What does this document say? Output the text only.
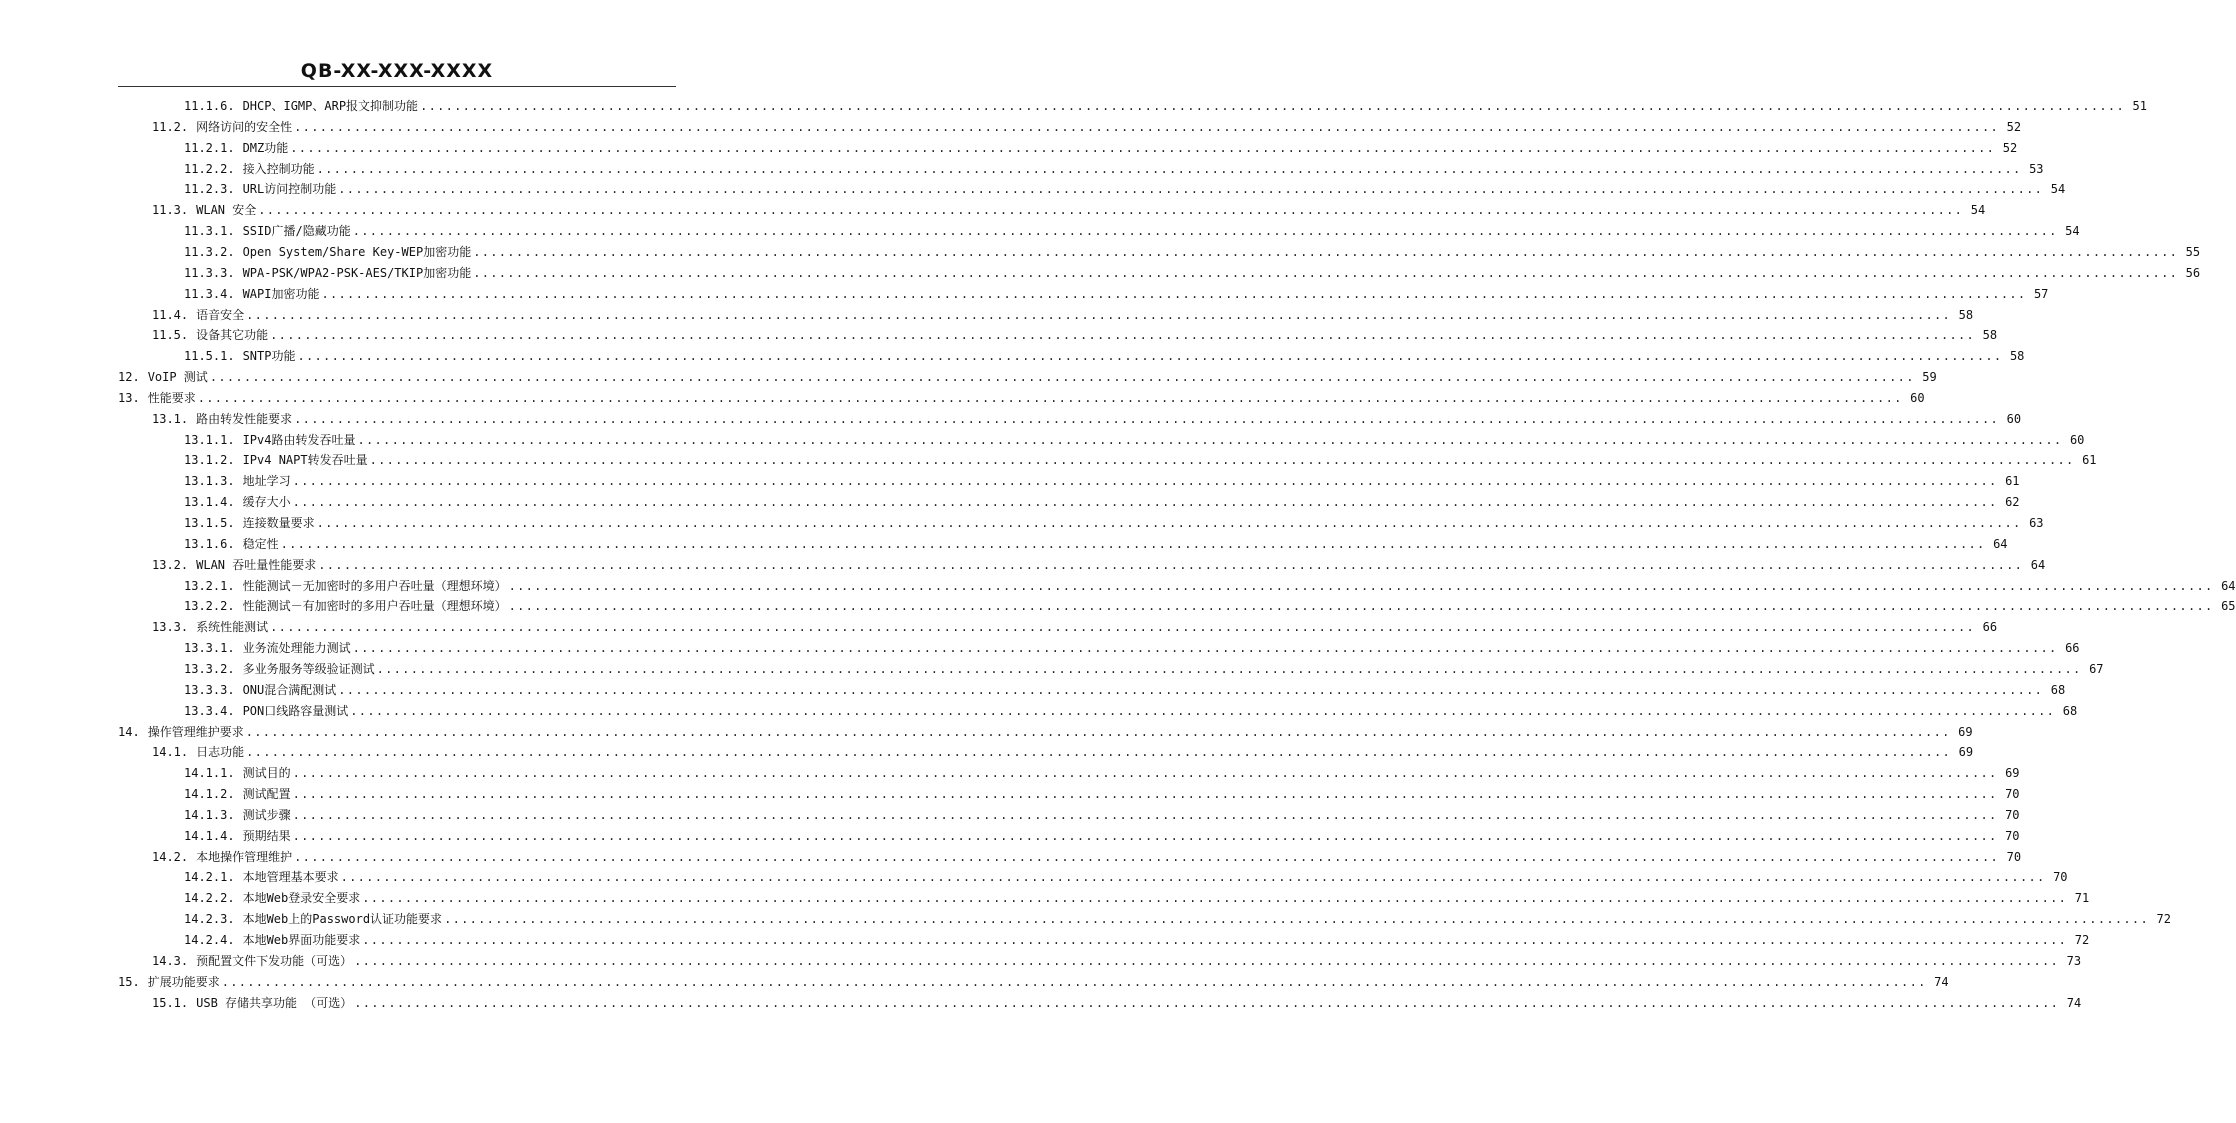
QB-XX-XXX-XXXX
11.1.6. DHCP、IGMP、ARP报文抑制功能 ........................................................................................................................................................................................................ 51
11.2. 网络访问的安全性 ........................................................................................................................................................................................................ 52
11.2.1. DMZ功能 ........................................................................................................................................................................................................ 52
11.2.2. 接入控制功能 ........................................................................................................................................................................................................ 53
11.2.3. URL访问控制功能 ........................................................................................................................................................................................................ 54
11.3. WLAN 安全 ........................................................................................................................................................................................................ 54
11.3.1. SSID广播/隐藏功能 ........................................................................................................................................................................................................ 54
11.3.2. Open System/Share Key-WEP加密功能 ........................................................................................................................................................................................................ 55
11.3.3. WPA-PSK/WPA2-PSK-AES/TKIP加密功能 ........................................................................................................................................................................................................ 56
11.3.4. WAPI加密功能 ........................................................................................................................................................................................................ 57
11.4. 语音安全 ........................................................................................................................................................................................................ 58
11.5. 设备其它功能 ........................................................................................................................................................................................................ 58
11.5.1. SNTP功能 ........................................................................................................................................................................................................ 58
12. VoIP 测试 ........................................................................................................................................................................................................ 59
13. 性能要求 ........................................................................................................................................................................................................ 60
13.1. 路由转发性能要求 ........................................................................................................................................................................................................ 60
13.1.1. IPv4路由转发吞吐量 ........................................................................................................................................................................................................ 60
13.1.2. IPv4 NAPT转发吞吐量 ........................................................................................................................................................................................................ 61
13.1.3. 地址学习 ........................................................................................................................................................................................................ 61
13.1.4. 缓存大小 ........................................................................................................................................................................................................ 62
13.1.5. 连接数量要求 ........................................................................................................................................................................................................ 63
13.1.6. 稳定性 ........................................................................................................................................................................................................ 64
13.2. WLAN 吞吐量性能要求 ........................................................................................................................................................................................................ 64
13.2.1. 性能测试－无加密时的多用户吞吐量（理想环境） ........................................................................................................................................................................................................ 64
13.2.2. 性能测试－有加密时的多用户吞吐量（理想环境） ........................................................................................................................................................................................................ 65
13.3. 系统性能测试 ........................................................................................................................................................................................................ 66
13.3.1. 业务流处理能力测试 ........................................................................................................................................................................................................ 66
13.3.2. 多业务服务等级验证测试 ........................................................................................................................................................................................................ 67
13.3.3. ONU混合满配测试 ........................................................................................................................................................................................................ 68
13.3.4. PON口线路容量测试 ........................................................................................................................................................................................................ 68
14. 操作管理维护要求 ........................................................................................................................................................................................................ 69
14.1. 日志功能 ........................................................................................................................................................................................................ 69
14.1.1. 测试目的 ........................................................................................................................................................................................................ 69
14.1.2. 测试配置 ........................................................................................................................................................................................................ 70
14.1.3. 测试步骤 ........................................................................................................................................................................................................ 70
14.1.4. 预期结果 ........................................................................................................................................................................................................ 70
14.2. 本地操作管理维护 ........................................................................................................................................................................................................ 70
14.2.1. 本地管理基本要求 ........................................................................................................................................................................................................ 70
14.2.2. 本地Web登录安全要求 ........................................................................................................................................................................................................ 71
14.2.3. 本地Web上的Password认证功能要求 ........................................................................................................................................................................................................ 72
14.2.4. 本地Web界面功能要求 ........................................................................................................................................................................................................ 72
14.3. 预配置文件下发功能（可选） ........................................................................................................................................................................................................ 73
15. 扩展功能要求 ........................................................................................................................................................................................................ 74
15.1. USB 存储共享功能 （可选） ........................................................................................................................................................................................................ 74
